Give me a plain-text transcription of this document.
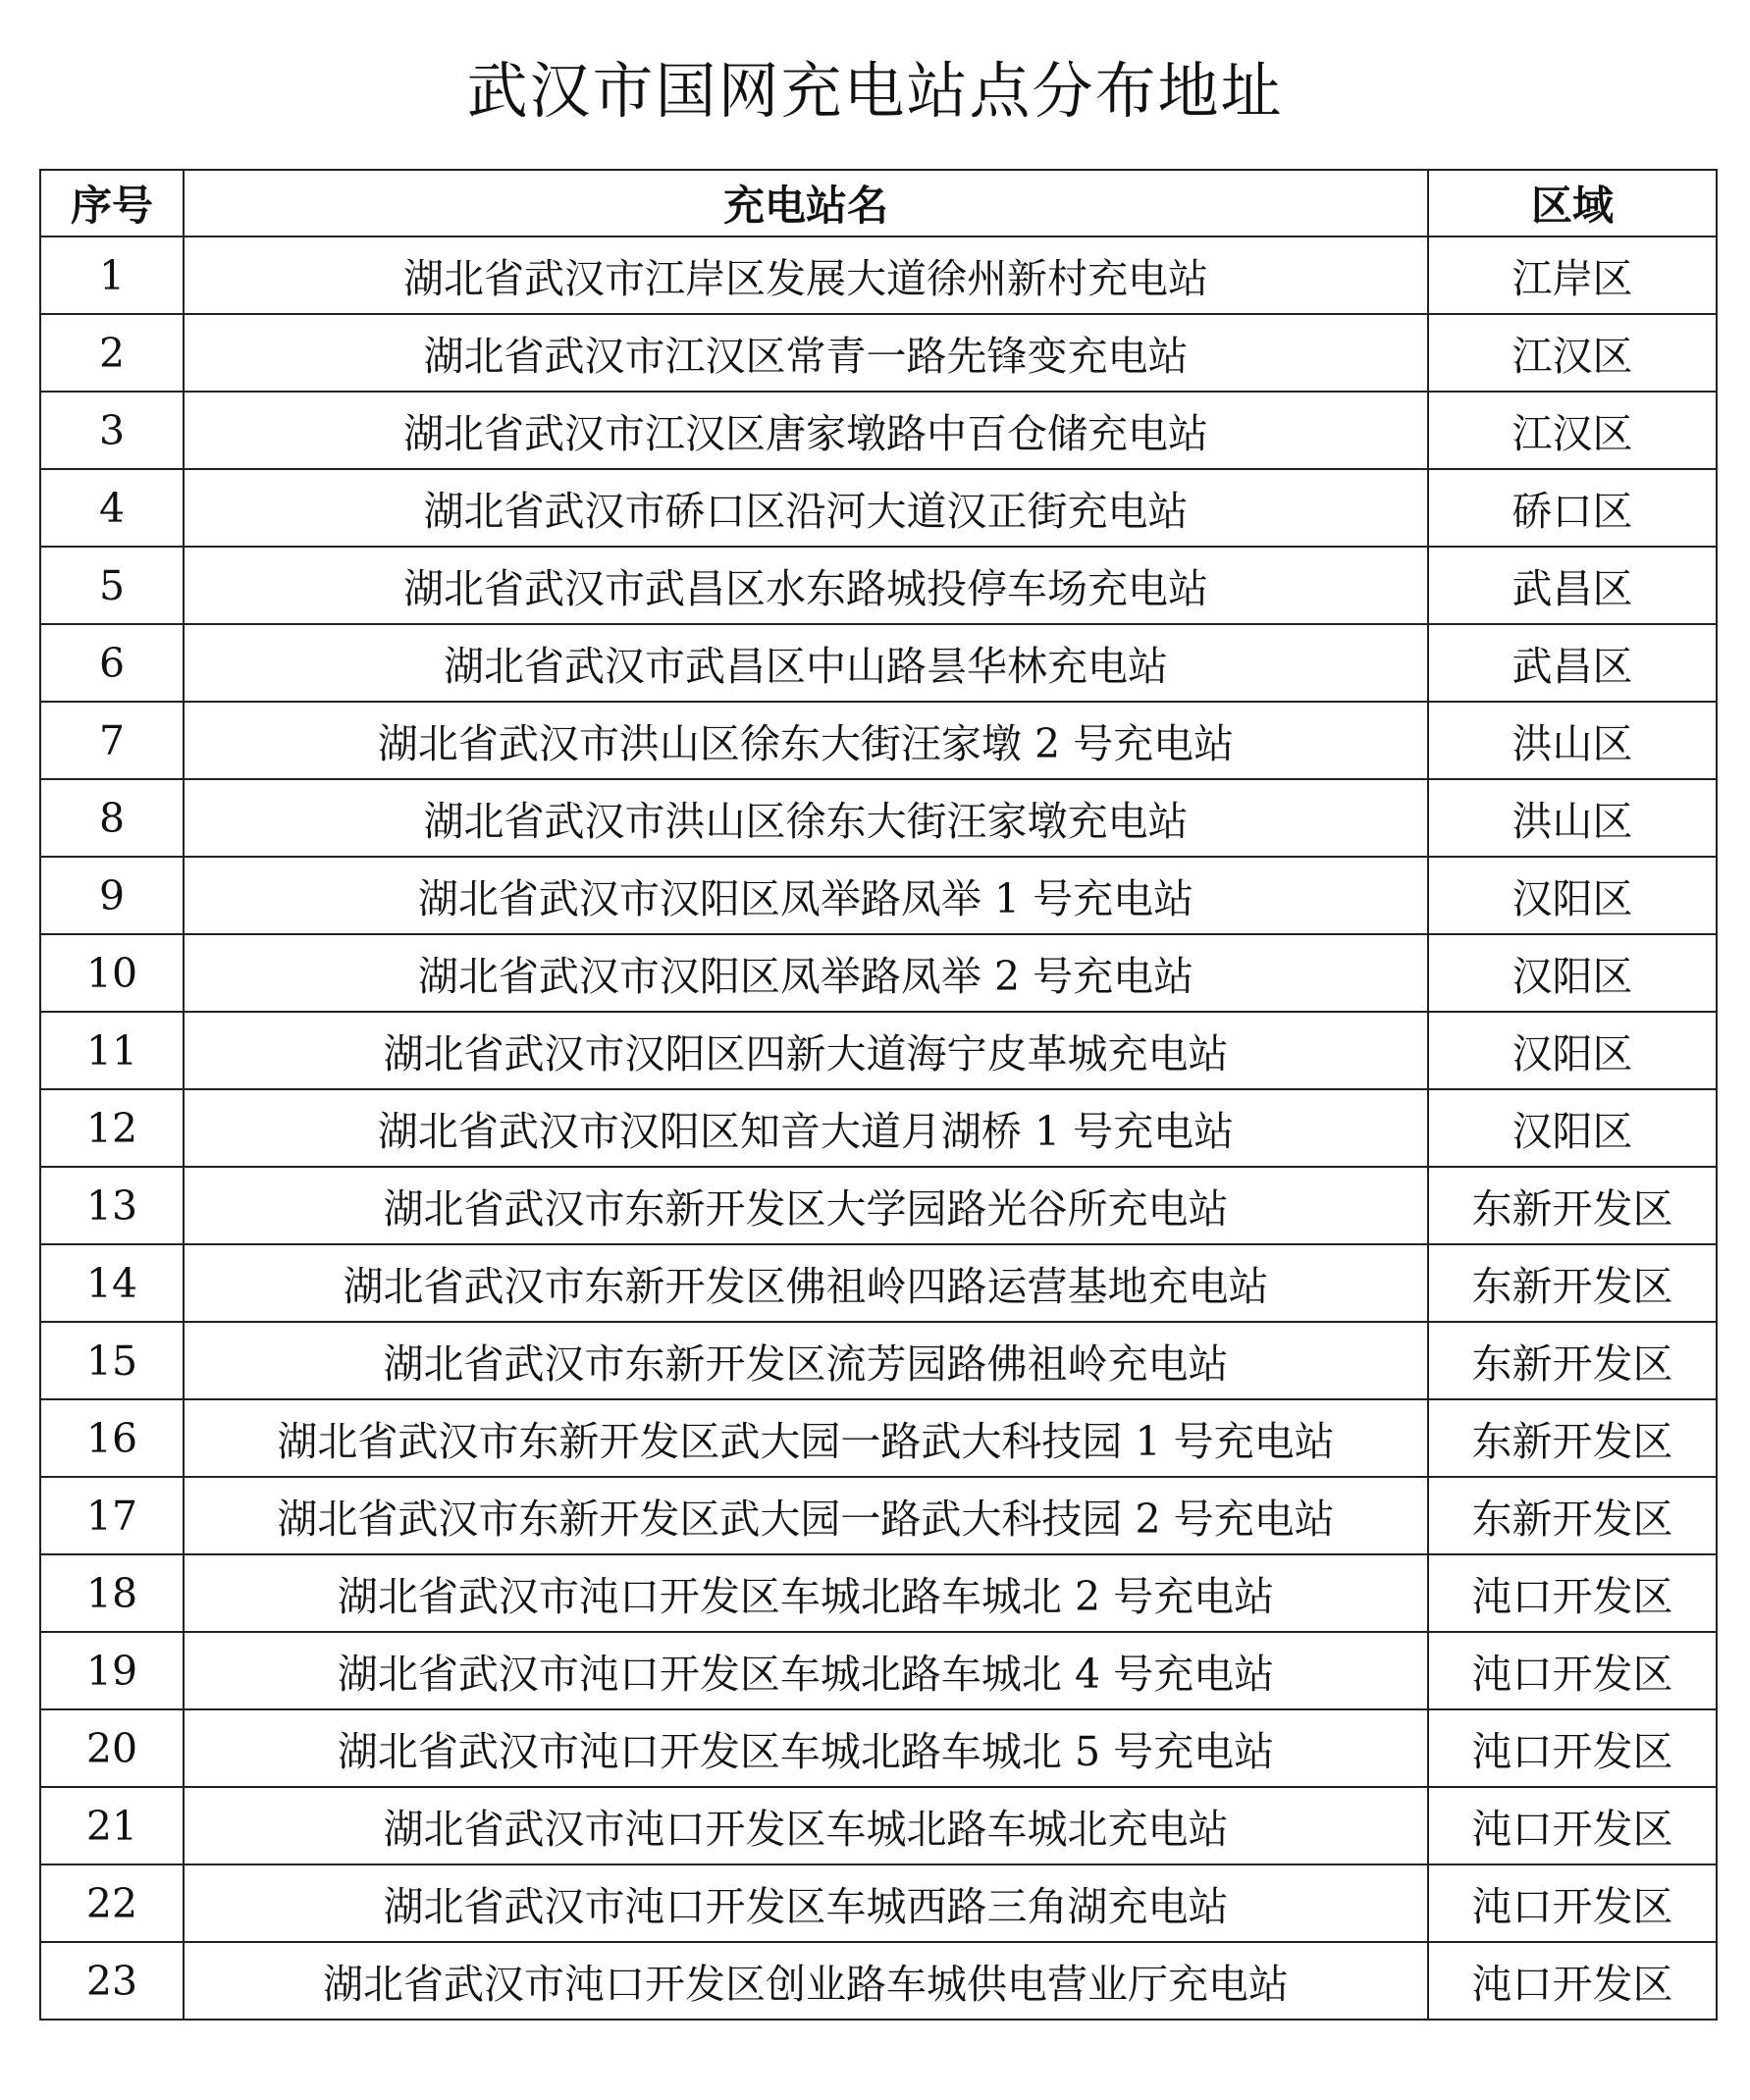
武汉市国网充电站点分布地址
序号	充电站名	区域
1	湖北省武汉市江岸区发展大道徐州新村充电站	江岸区
2	湖北省武汉市江汉区常青一路先锋变充电站	江汉区
3	湖北省武汉市江汉区唐家墩路中百仓储充电站	江汉区
4	湖北省武汉市硚口区沿河大道汉正街充电站	硚口区
5	湖北省武汉市武昌区水东路城投停车场充电站	武昌区
6	湖北省武汉市武昌区中山路昙华林充电站	武昌区
7	湖北省武汉市洪山区徐东大街汪家墩 2 号充电站	洪山区
8	湖北省武汉市洪山区徐东大街汪家墩充电站	洪山区
9	湖北省武汉市汉阳区凤举路凤举 1 号充电站	汉阳区
10	湖北省武汉市汉阳区凤举路凤举 2 号充电站	汉阳区
11	湖北省武汉市汉阳区四新大道海宁皮革城充电站	汉阳区
12	湖北省武汉市汉阳区知音大道月湖桥 1 号充电站	汉阳区
13	湖北省武汉市东新开发区大学园路光谷所充电站	东新开发区
14	湖北省武汉市东新开发区佛祖岭四路运营基地充电站	东新开发区
15	湖北省武汉市东新开发区流芳园路佛祖岭充电站	东新开发区
16	湖北省武汉市东新开发区武大园一路武大科技园 1 号充电站	东新开发区
17	湖北省武汉市东新开发区武大园一路武大科技园 2 号充电站	东新开发区
18	湖北省武汉市沌口开发区车城北路车城北 2 号充电站	沌口开发区
19	湖北省武汉市沌口开发区车城北路车城北 4 号充电站	沌口开发区
20	湖北省武汉市沌口开发区车城北路车城北 5 号充电站	沌口开发区
21	湖北省武汉市沌口开发区车城北路车城北充电站	沌口开发区
22	湖北省武汉市沌口开发区车城西路三角湖充电站	沌口开发区
23	湖北省武汉市沌口开发区创业路车城供电营业厅充电站	沌口开发区
